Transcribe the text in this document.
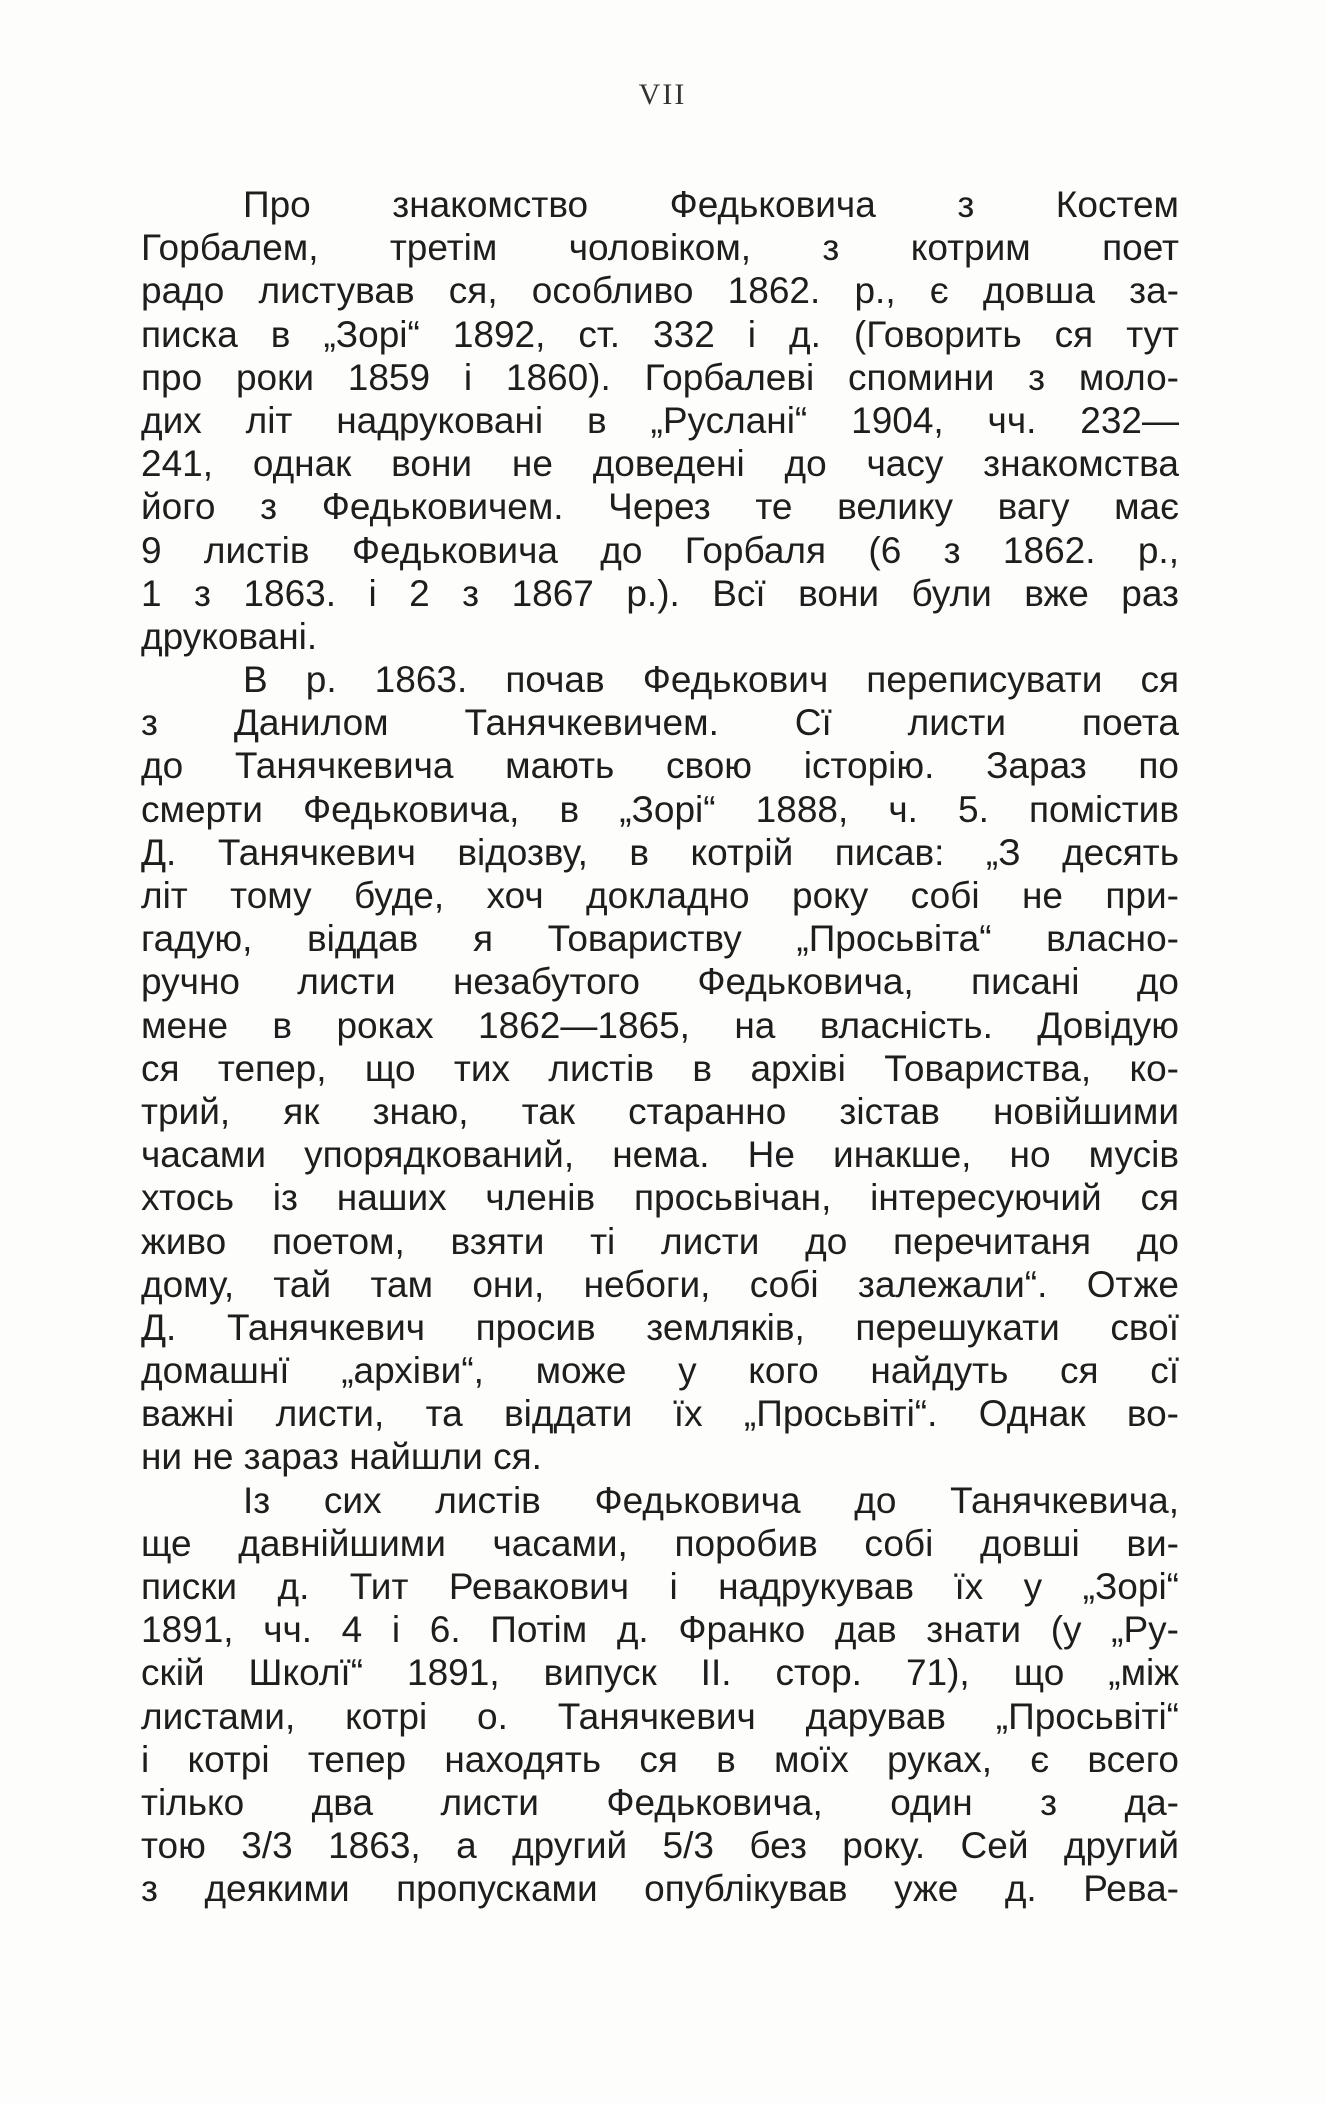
VII
Про знакомство Федьковича з Костем
Горбалем, третім чоловіком, з котрим поет
радо листував ся, особливо 1862. р., є довша за-
писка в „Зорі“ 1892, ст. 332 і д. (Говорить ся тут
про роки 1859 і 1860). Горбалеві спомини з моло-
дих літ надруковані в „Руслані“ 1904, чч. 232—
241, однак вони не доведені до часу знакомства
його з Федьковичем. Через те велику вагу має
9 листів Федьковича до Горбаля (6 з 1862. р.,
1 з 1863. і 2 з 1867 р.). Всї вони були вже раз
друковані.
В р. 1863. почав Федькович переписувати ся
з Данилом Танячкевичем. Сї листи поета
до Танячкевича мають свою історію. Зараз по
смерти Федьковича, в „Зорі“ 1888, ч. 5. помістив
Д. Танячкевич відозву, в котрій писав: „З десять
літ тому буде, хоч докладно року собі не при-
гадую, віддав я Товариству „Просьвіта“ власно-
ручно листи незабутого Федьковича, писані до
мене в роках 1862—1865, на власність. Довідую
ся тепер, що тих листів в архіві Товариства, ко-
трий, як знаю, так старанно зістав новійшими
часами упорядкований, нема. Не инакше, но мусів
хтось із наших членів просьвічан, інтересуючий ся
живо поетом, взяти ті листи до перечитаня до
дому, тай там они, небоги, собі залежали“. Отже
Д. Танячкевич просив земляків, перешукати свої
домашнї „архіви“, може у кого найдуть ся сї
важні листи, та віддати їх „Просьвіті“. Однак во-
ни не зараз найшли ся.
Із сих листів Федьковича до Танячкевича,
ще давнійшими часами, поробив собі довші ви-
писки д. Тит Ревакович і надрукував їх у „Зорі“
1891, чч. 4 і 6. Потім д. Франко дав знати (у „Ру-
скій Школї“ 1891, випуск II. стор. 71), що „між
листами, котрі о. Танячкевич дарував „Просьвіті“
і котрі тепер находять ся в моїх руках, є всего
тілько два листи Федьковича, один з да-
тою 3/3 1863, а другий 5/3 без року. Сей другий
з деякими пропусками опублікував уже д. Рева-
